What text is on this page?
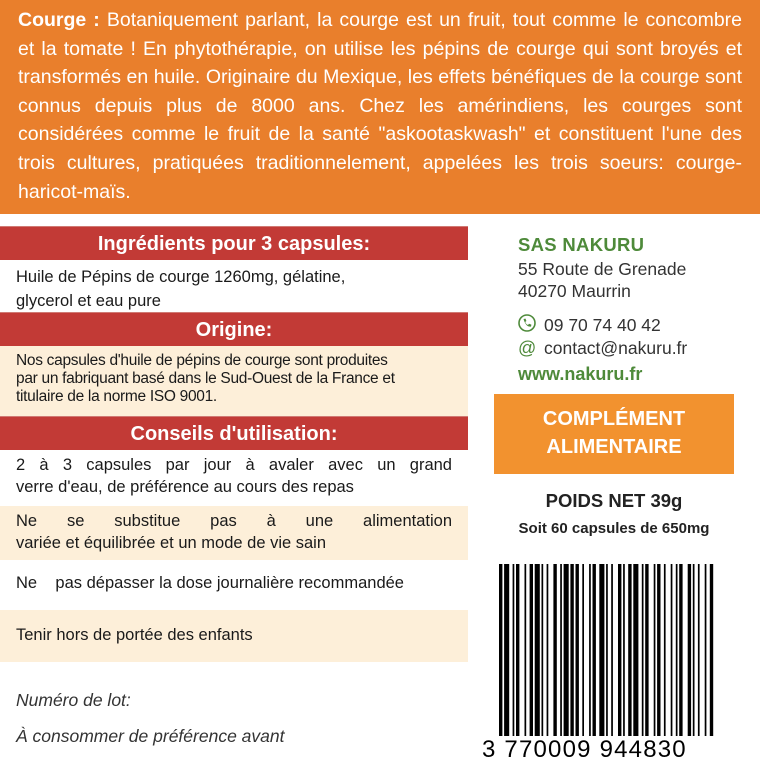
Courge : Botaniquement parlant, la courge est un fruit, tout comme le concombre et la tomate ! En phytothérapie, on utilise les pépins de courge qui sont broyés et transformés en huile. Originaire du Mexique, les effets bénéfiques de la courge sont connus depuis plus de 8000 ans. Chez les amérindiens, les courges sont considérées comme le fruit de la santé "askootaskwash" et constituent l'une des trois cultures, pratiquées traditionnelement, appelées les trois soeurs: courge-haricot-maïs.

Ingrédients pour 3 capsules:
Huile de Pépins de courge 1260mg, gélatine,
glycerol et eau pure
Origine:
Nos capsules d'huile de pépins de courge sont produites
par un fabriquant basé dans le Sud-Ouest de la France et
titulaire de la norme ISO 9001.
Conseils d'utilisation:
2 à 3 capsules par jour à avaler avec un grand
verre d'eau, de préférence au cours des repas
Ne se substitue pas à une alimentation
variée et équilibrée et un mode de vie sain
Ne    pas dépasser la dose journalière recommandée
Tenir hors de portée des enfants
Numéro de lot:
À consommer de préférence avant
SAS NAKURU
55 Route de Grenade
40270 Maurrin
09 70 74 40 42
@ contact@nakuru.fr
www.nakuru.fr
COMPLÉMENT
ALIMENTAIRE
POIDS NET 39g
Soit 60 capsules de 650mg
3 770009 944830
